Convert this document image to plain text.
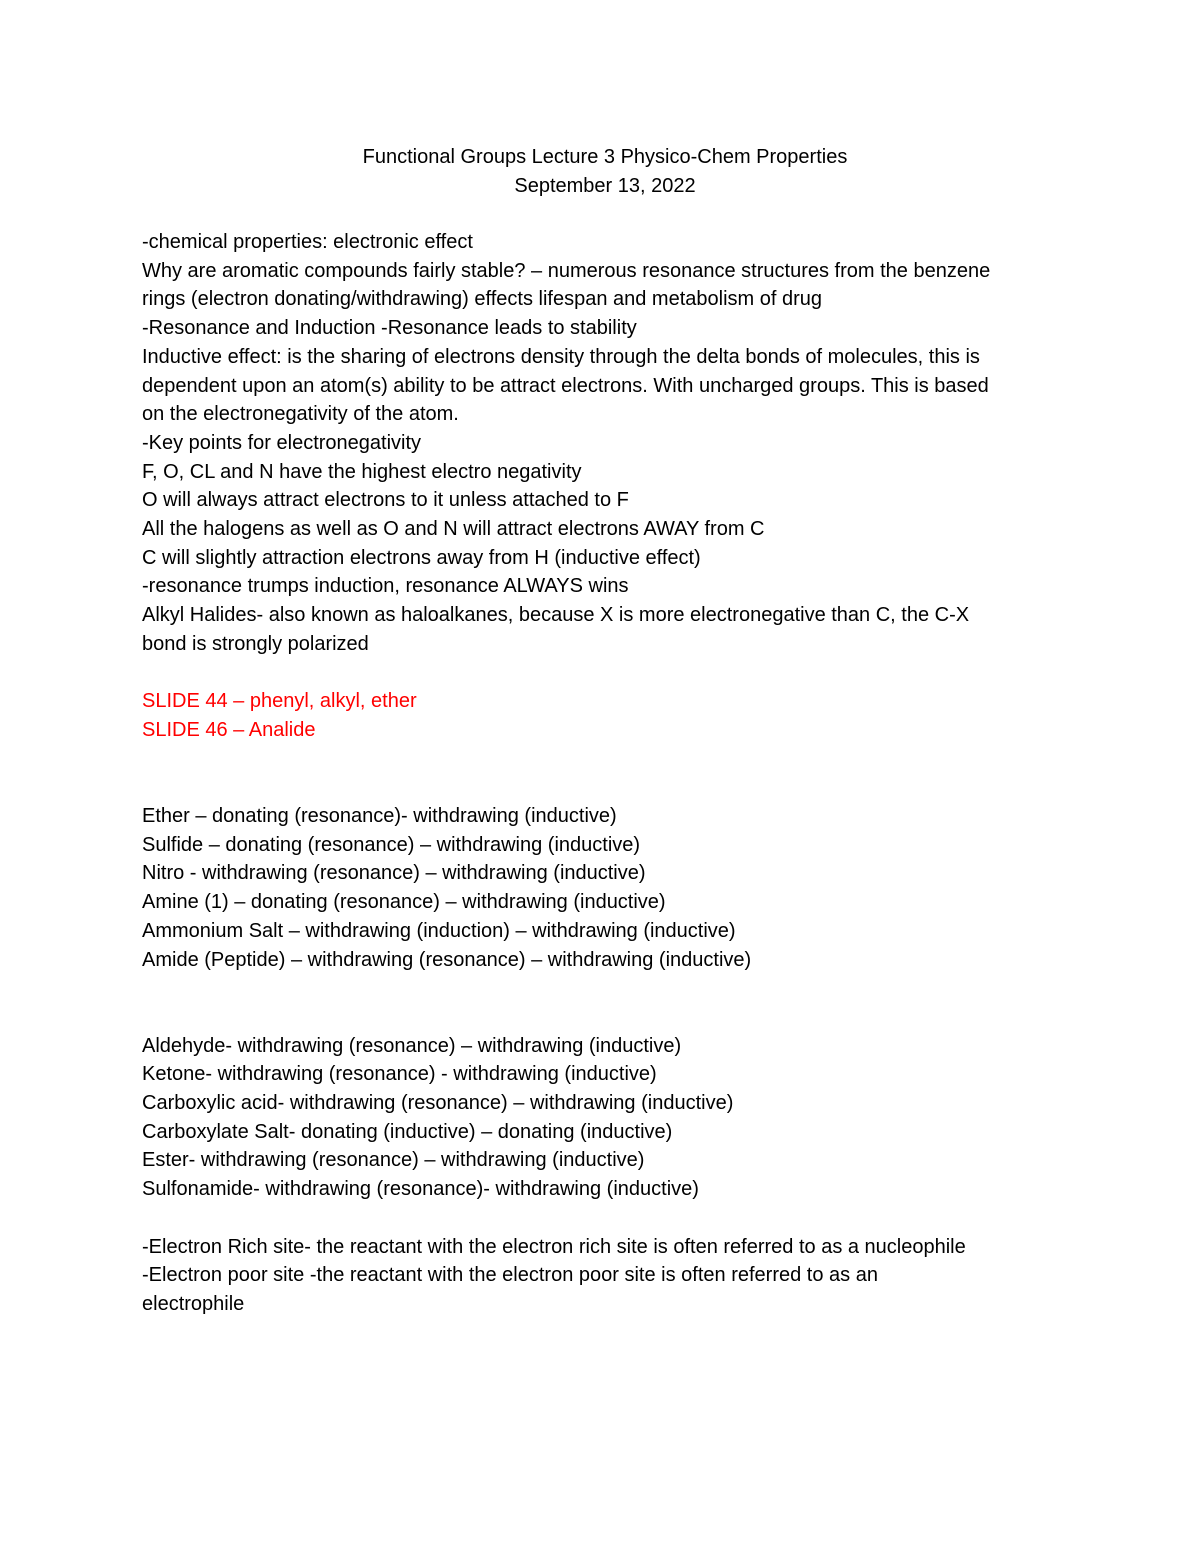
Functional Groups Lecture 3 Physico-Chem Properties
September 13, 2022
-chemical properties: electronic effect
Why are aromatic compounds fairly stable? – numerous resonance structures from the benzene
rings (electron donating/withdrawing) effects lifespan and metabolism of drug
-Resonance and Induction -Resonance leads to stability
Inductive effect: is the sharing of electrons density through the delta bonds of molecules, this is
dependent upon an atom(s) ability to be attract electrons. With uncharged groups. This is based
on the electronegativity of the atom.
-Key points for electronegativity
F, O, CL and N have the highest electro negativity
O will always attract electrons to it unless attached to F
All the halogens as well as O and N will attract electrons AWAY from C
C will slightly attraction electrons away from H (inductive effect)
-resonance trumps induction, resonance ALWAYS wins
Alkyl Halides- also known as haloalkanes, because X is more electronegative than C, the C-X
bond is strongly polarized
SLIDE 44 – phenyl, alkyl, ether
SLIDE 46 – Analide
Ether – donating (resonance)- withdrawing (inductive)
Sulfide – donating (resonance) – withdrawing (inductive)
Nitro - withdrawing (resonance) – withdrawing (inductive)
Amine (1) – donating (resonance) – withdrawing (inductive)
Ammonium Salt – withdrawing (induction) – withdrawing (inductive)
Amide (Peptide) – withdrawing (resonance) – withdrawing (inductive)
Aldehyde- withdrawing (resonance) – withdrawing (inductive)
Ketone- withdrawing (resonance) - withdrawing (inductive)
Carboxylic acid- withdrawing (resonance) – withdrawing (inductive)
Carboxylate Salt- donating (inductive) – donating (inductive)
Ester- withdrawing (resonance) – withdrawing (inductive)
Sulfonamide- withdrawing (resonance)- withdrawing (inductive)
-Electron Rich site- the reactant with the electron rich site is often referred to as a nucleophile
-Electron poor site -the reactant with the electron poor site is often referred to as an
electrophile
